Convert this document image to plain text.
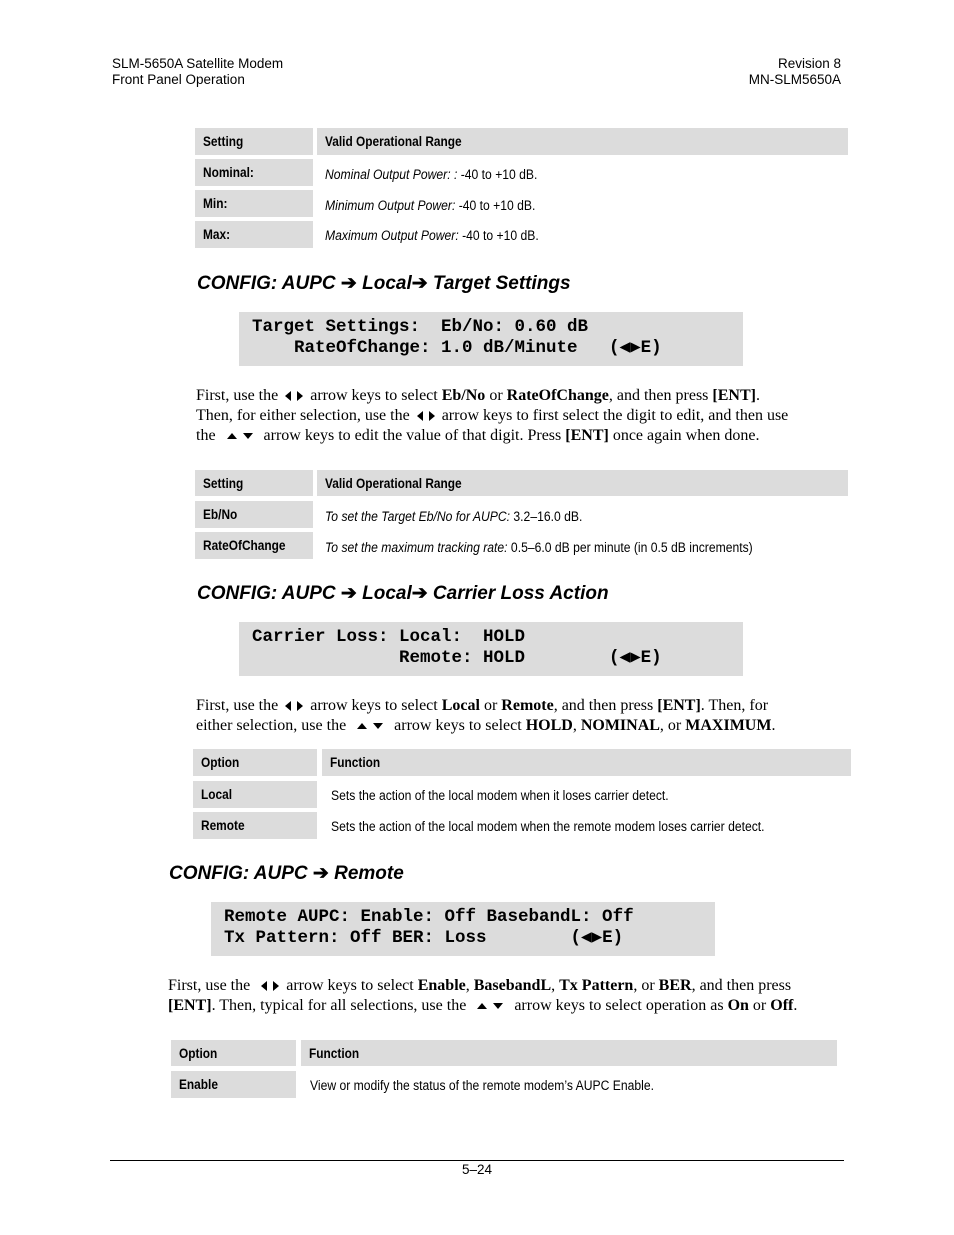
SLM-5650A Satellite Modem
Front Panel Operation
Revision 8
MN-SLM5650A
Setting	Valid Operational Range
Nominal:	Nominal Output Power: : -40 to +10 dB.
Min:	Minimum Output Power: -40 to +10 dB.
Max:	Maximum Output Power: -40 to +10 dB.
CONFIG: AUPC ➔ Local➔ Target Settings
Target Settings:  Eb/No: 0.60 dB
RateOfChange: 1.0 dB/Minute   (◀▶E)
First, use the arrow keys to select Eb/No or RateOfChange, and then press [ENT].
Then, for either selection, use the arrow keys to first select the digit to edit, and then use
the	arrow keys to edit the value of that digit. Press [ENT] once again when done.
Setting	Valid Operational Range
Eb/No	To set the Target Eb/No for AUPC: 3.2–16.0 dB.
RateOfChange	To set the maximum tracking rate: 0.5–6.0 dB per minute (in 0.5 dB increments)
CONFIG: AUPC ➔ Local➔ Carrier Loss Action
Carrier Loss: Local:  HOLD
Remote: HOLD        (◀▶E)
First, use the arrow keys to select Local or Remote, and then press [ENT]. Then, for
either selection, use the	arrow keys to select HOLD, NOMINAL, or MAXIMUM.
Option	Function
Local	Sets the action of the local modem when it loses carrier detect.
Remote	Sets the action of the local modem when the remote modem loses carrier detect.
CONFIG: AUPC ➔ Remote
Remote AUPC: Enable: Off BasebandL: Off
Tx Pattern: Off BER: Loss        (◀▶E)
First, use the arrow keys to select Enable, BasebandL, Tx Pattern, or BER, and then press
[ENT]. Then, typical for all selections, use the	arrow keys to select operation as On or Off.
Option	Function
Enable	View or modify the status of the remote modem’s AUPC Enable.
5–24
